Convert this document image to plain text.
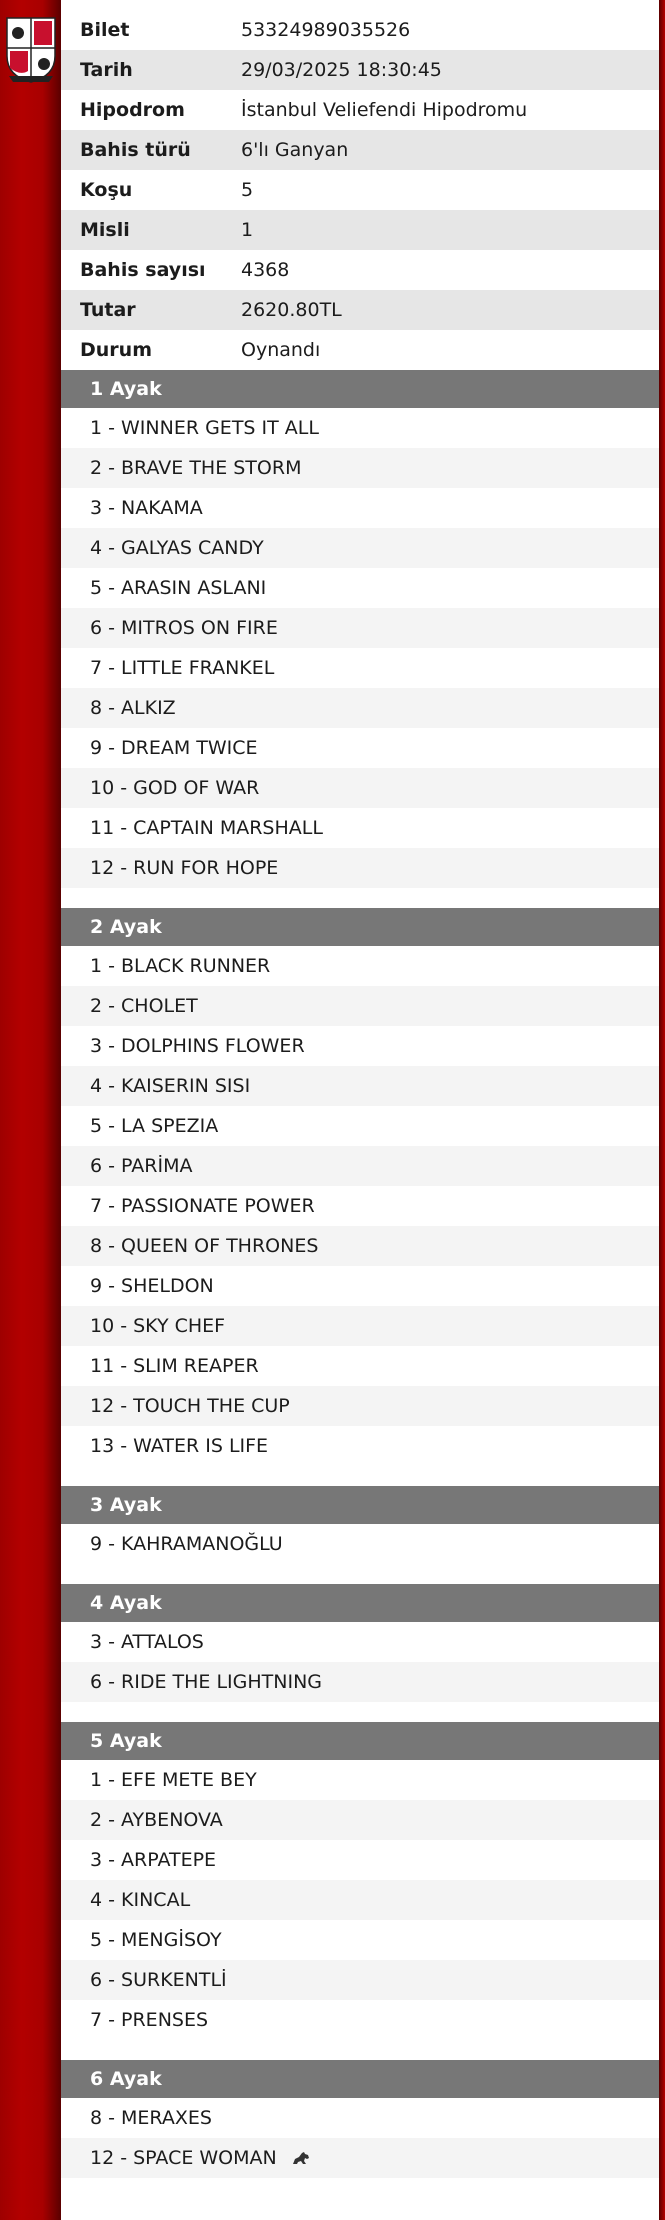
Bilet	53324989035526
Tarih	29/03/2025 18:30:45
Hipodrom	İstanbul Veliefendi Hipodromu
Bahis türü	6'lı Ganyan
Koşu	5
Misli	1
Bahis sayısı	4368
Tutar	2620.80TL
Durum	Oynandı
1 Ayak
1 - WINNER GETS IT ALL
2 - BRAVE THE STORM
3 - NAKAMA
4 - GALYAS CANDY
5 - ARASIN ASLANI
6 - MITROS ON FIRE
7 - LITTLE FRANKEL
8 - ALKIZ
9 - DREAM TWICE
10 - GOD OF WAR
11 - CAPTAIN MARSHALL
12 - RUN FOR HOPE
2 Ayak
1 - BLACK RUNNER
2 - CHOLET
3 - DOLPHINS FLOWER
4 - KAISERIN SISI
5 - LA SPEZIA
6 - PARİMA
7 - PASSIONATE POWER
8 - QUEEN OF THRONES
9 - SHELDON
10 - SKY CHEF
11 - SLIM REAPER
12 - TOUCH THE CUP
13 - WATER IS LIFE
3 Ayak
9 - KAHRAMANOĞLU
4 Ayak
3 - ATTALOS
6 - RIDE THE LIGHTNING
5 Ayak
1 - EFE METE BEY
2 - AYBENOVA
3 - ARPATEPE
4 - KINCAL
5 - MENGİSOY
6 - SURKENTLİ
7 - PRENSES
6 Ayak
8 - MERAXES
12 - SPACE WOMAN
